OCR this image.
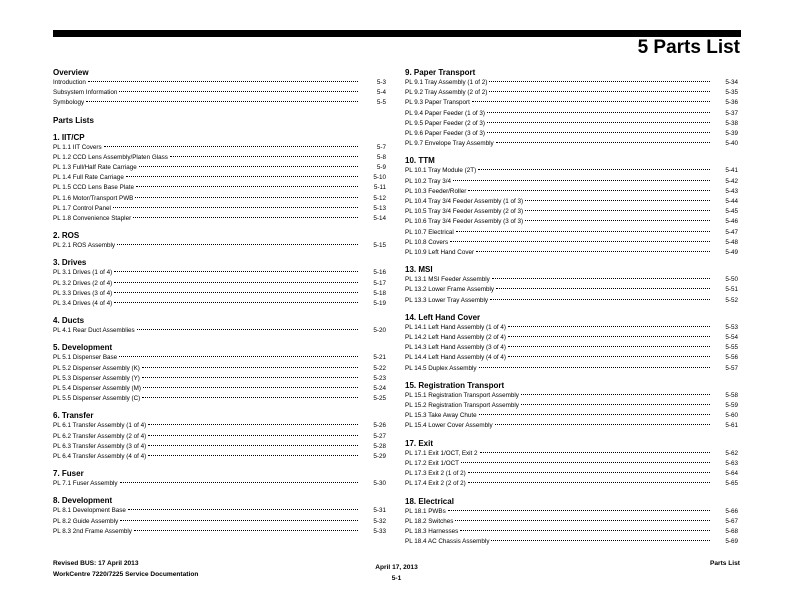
5 Parts List
Overview
Introduction	5-3
Subsystem Information	5-4
Symbology	5-5
Parts Lists
1. IIT/CP
PL 1.1 IIT Covers	5-7
PL 1.2 CCD Lens Assembly/Platen Glass	5-8
PL 1.3 Full/Half Rate Carriage	5-9
PL 1.4 Full Rate Carriage	5-10
PL 1.5 CCD Lens Base Plate	5-11
PL 1.6 Motor/Transport PWB	5-12
PL 1.7 Control Panel	5-13
PL 1.8 Convenience Stapler	5-14
2. ROS
PL 2.1 ROS Assembly	5-15
3. Drives
PL 3.1 Drives (1 of 4)	5-16
PL 3.2 Drives (2 of 4)	5-17
PL 3.3 Drives (3 of 4)	5-18
PL 3.4 Drives (4 of 4)	5-19
4. Ducts
PL 4.1 Rear Duct Assemblies	5-20
5. Development
PL 5.1 Dispenser Base	5-21
PL 5.2 Dispenser Assembly (K)	5-22
PL 5.3 Dispenser Assembly (Y)	5-23
PL 5.4 Dispenser Assembly (M)	5-24
PL 5.5 Dispenser Assembly (C)	5-25
6. Transfer
PL 6.1 Transfer Assembly (1 of 4)	5-26
PL 6.2 Transfer Assembly (2 of 4)	5-27
PL 6.3 Transfer Assembly (3 of 4)	5-28
PL 6.4 Transfer Assembly (4 of 4)	5-29
7. Fuser
PL 7.1 Fuser Assembly	5-30
8. Development
PL 8.1 Development Base	5-31
PL 8.2 Guide Assembly	5-32
PL 8.3 2nd Frame Assembly	5-33
9. Paper Transport
PL 9.1 Tray Assembly (1 of 2)	5-34
PL 9.2 Tray Assembly (2 of 2)	5-35
PL 9.3 Paper Transport	5-36
PL 9.4 Paper Feeder (1 of 3)	5-37
PL 9.5 Paper Feeder (2 of 3)	5-38
PL 9.6 Paper Feeder (3 of 3)	5-39
PL 9.7 Envelope Tray Assembly	5-40
10. TTM
PL 10.1 Tray Module (2T)	5-41
PL 10.2 Tray 3/4	5-42
PL 10.3 Feeder/Roller	5-43
PL 10.4 Tray 3/4 Feeder Assembly (1 of 3)	5-44
PL 10.5 Tray 3/4 Feeder Assembly (2 of 3)	5-45
PL 10.6 Tray 3/4 Feeder Assembly (3 of 3)	5-46
PL 10.7 Electrical	5-47
PL 10.8 Covers	5-48
PL 10.9 Left Hand Cover	5-49
13. MSI
PL 13.1 MSI Feeder Assembly	5-50
PL 13.2 Lower Frame Assembly	5-51
PL 13.3 Lower Tray Assembly	5-52
14. Left Hand Cover
PL 14.1 Left Hand Assembly (1 of 4)	5-53
PL 14.2 Left Hand Assembly (2 of 4)	5-54
PL 14.3 Left Hand Assembly (3 of 4)	5-55
PL 14.4 Left Hand Assembly (4 of 4)	5-56
PL 14.5 Duplex Assembly	5-57
15. Registration Transport
PL 15.1 Registration Transport Assembly	5-58
PL 15.2 Registration Transport Assembly	5-59
PL 15.3 Take Away Chute	5-60
PL 15.4 Lower Cover Assembly	5-61
17. Exit
PL 17.1 Exit 1/OCT, Exit 2	5-62
PL 17.2 Exit 1/OCT	5-63
PL 17.3 Exit 2 (1 of 2)	5-64
PL 17.4 Exit 2 (2 of 2)	5-65
18. Electrical
PL 18.1 PWBs	5-66
PL 18.2 Switches	5-67
PL 18.3 Harnesses	5-68
PL 18.4 AC Chassis Assembly	5-69
Revised BUS: 17 April 2013
WorkCentre 7220/7225 Service Documentation
April 17, 2013
5-1
Parts List
